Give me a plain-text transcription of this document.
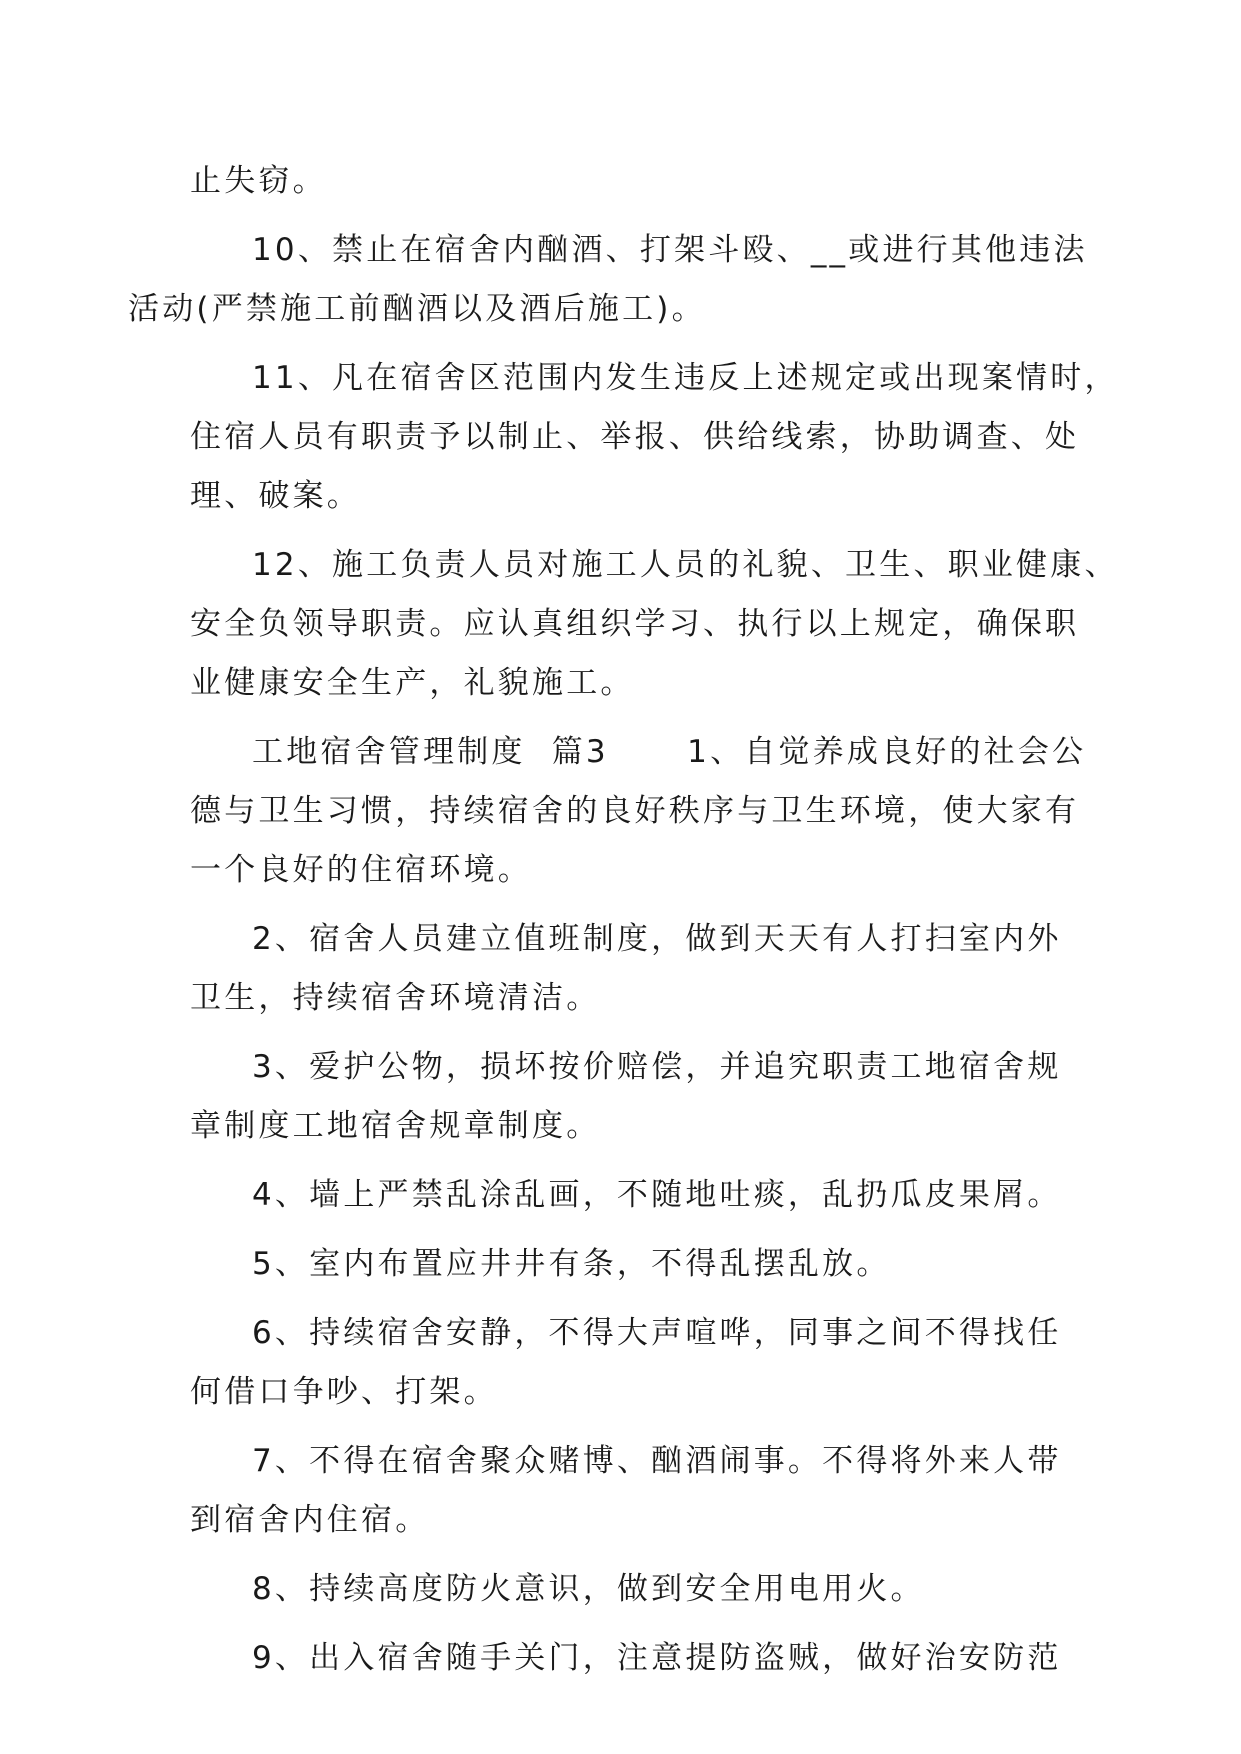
止失窃。

10、禁止在宿舍内酗酒、打架斗殴、__或进行其他违法
活动(严禁施工前酗酒以及酒后施工)。

11、凡在宿舍区范围内发生违反上述规定或出现案情时，
住宿人员有职责予以制止、举报、供给线索，协助调查、处
理、破案。

12、施工负责人员对施工人员的礼貌、卫生、职业健康、
安全负领导职责。应认真组织学习、执行以上规定，确保职
业健康安全生产，礼貌施工。

工地宿舍管理制度  篇3      1、自觉养成良好的社会公
德与卫生习惯，持续宿舍的良好秩序与卫生环境，使大家有
一个良好的住宿环境。

2、宿舍人员建立值班制度，做到天天有人打扫室内外
卫生，持续宿舍环境清洁。

3、爱护公物，损坏按价赔偿，并追究职责工地宿舍规
章制度工地宿舍规章制度。

4、墙上严禁乱涂乱画，不随地吐痰，乱扔瓜皮果屑。

5、室内布置应井井有条，不得乱摆乱放。

6、持续宿舍安静，不得大声喧哗，同事之间不得找任
何借口争吵、打架。

7、不得在宿舍聚众赌博、酗酒闹事。不得将外来人带
到宿舍内住宿。

8、持续高度防火意识，做到安全用电用火。

9、出入宿舍随手关门，注意提防盗贼，做好治安防范
